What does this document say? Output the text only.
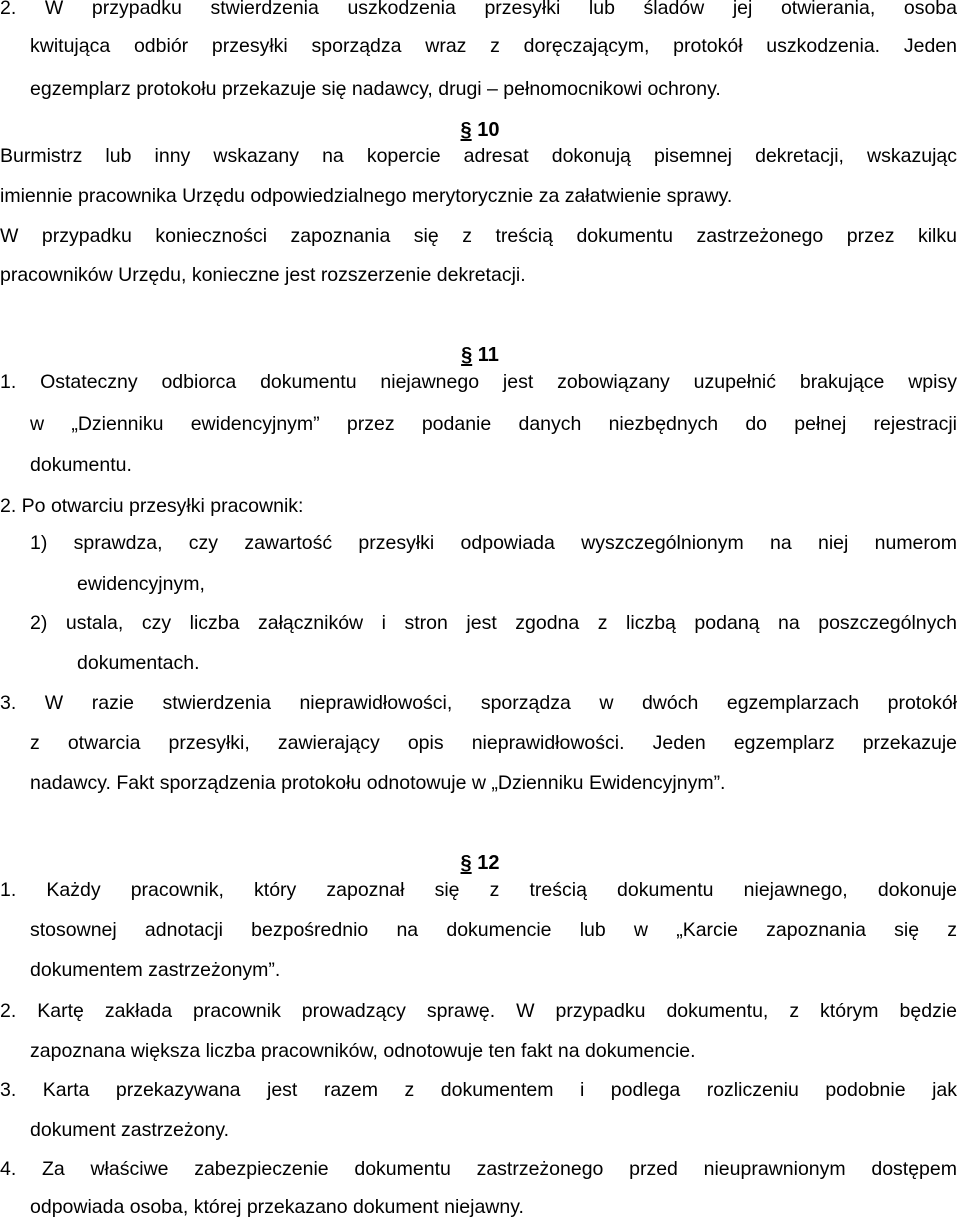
2. W przypadku stwierdzenia uszkodzenia przesyłki lub śladów jej otwierania, osoba
kwitująca odbiór przesyłki sporządza wraz z doręczającym, protokół uszkodzenia. Jeden
egzemplarz protokołu przekazuje się nadawcy, drugi – pełnomocnikowi ochrony.
§ 10
Burmistrz lub inny wskazany na kopercie adresat dokonują pisemnej dekretacji, wskazując
imiennie pracownika Urzędu odpowiedzialnego merytorycznie za załatwienie sprawy.
W przypadku konieczności zapoznania się z treścią dokumentu zastrzeżonego przez kilku
pracowników Urzędu, konieczne jest rozszerzenie dekretacji.
§ 11
1. Ostateczny odbiorca dokumentu niejawnego jest zobowiązany uzupełnić brakujące wpisy
w „Dzienniku ewidencyjnym” przez podanie danych niezbędnych do pełnej rejestracji
dokumentu.
2. Po otwarciu przesyłki pracownik:
1) sprawdza, czy zawartość przesyłki odpowiada wyszczególnionym na niej numerom
ewidencyjnym,
2) ustala, czy liczba załączników i stron jest zgodna z liczbą podaną na poszczególnych
dokumentach.
3. W razie stwierdzenia nieprawidłowości, sporządza w dwóch egzemplarzach protokół
z otwarcia przesyłki, zawierający opis nieprawidłowości. Jeden egzemplarz przekazuje
nadawcy. Fakt sporządzenia protokołu odnotowuje w „Dzienniku Ewidencyjnym”.
§ 12
1. Każdy pracownik, który zapoznał się z treścią dokumentu niejawnego, dokonuje
stosownej adnotacji bezpośrednio na dokumencie lub w „Karcie zapoznania się z
dokumentem zastrzeżonym”.
2. Kartę zakłada pracownik prowadzący sprawę. W przypadku dokumentu, z którym będzie
zapoznana większa liczba pracowników, odnotowuje ten fakt na dokumencie.
3. Karta przekazywana jest razem z dokumentem i podlega rozliczeniu podobnie jak
dokument zastrzeżony.
4. Za właściwe zabezpieczenie dokumentu zastrzeżonego przed nieuprawnionym dostępem
odpowiada osoba, której przekazano dokument niejawny.
